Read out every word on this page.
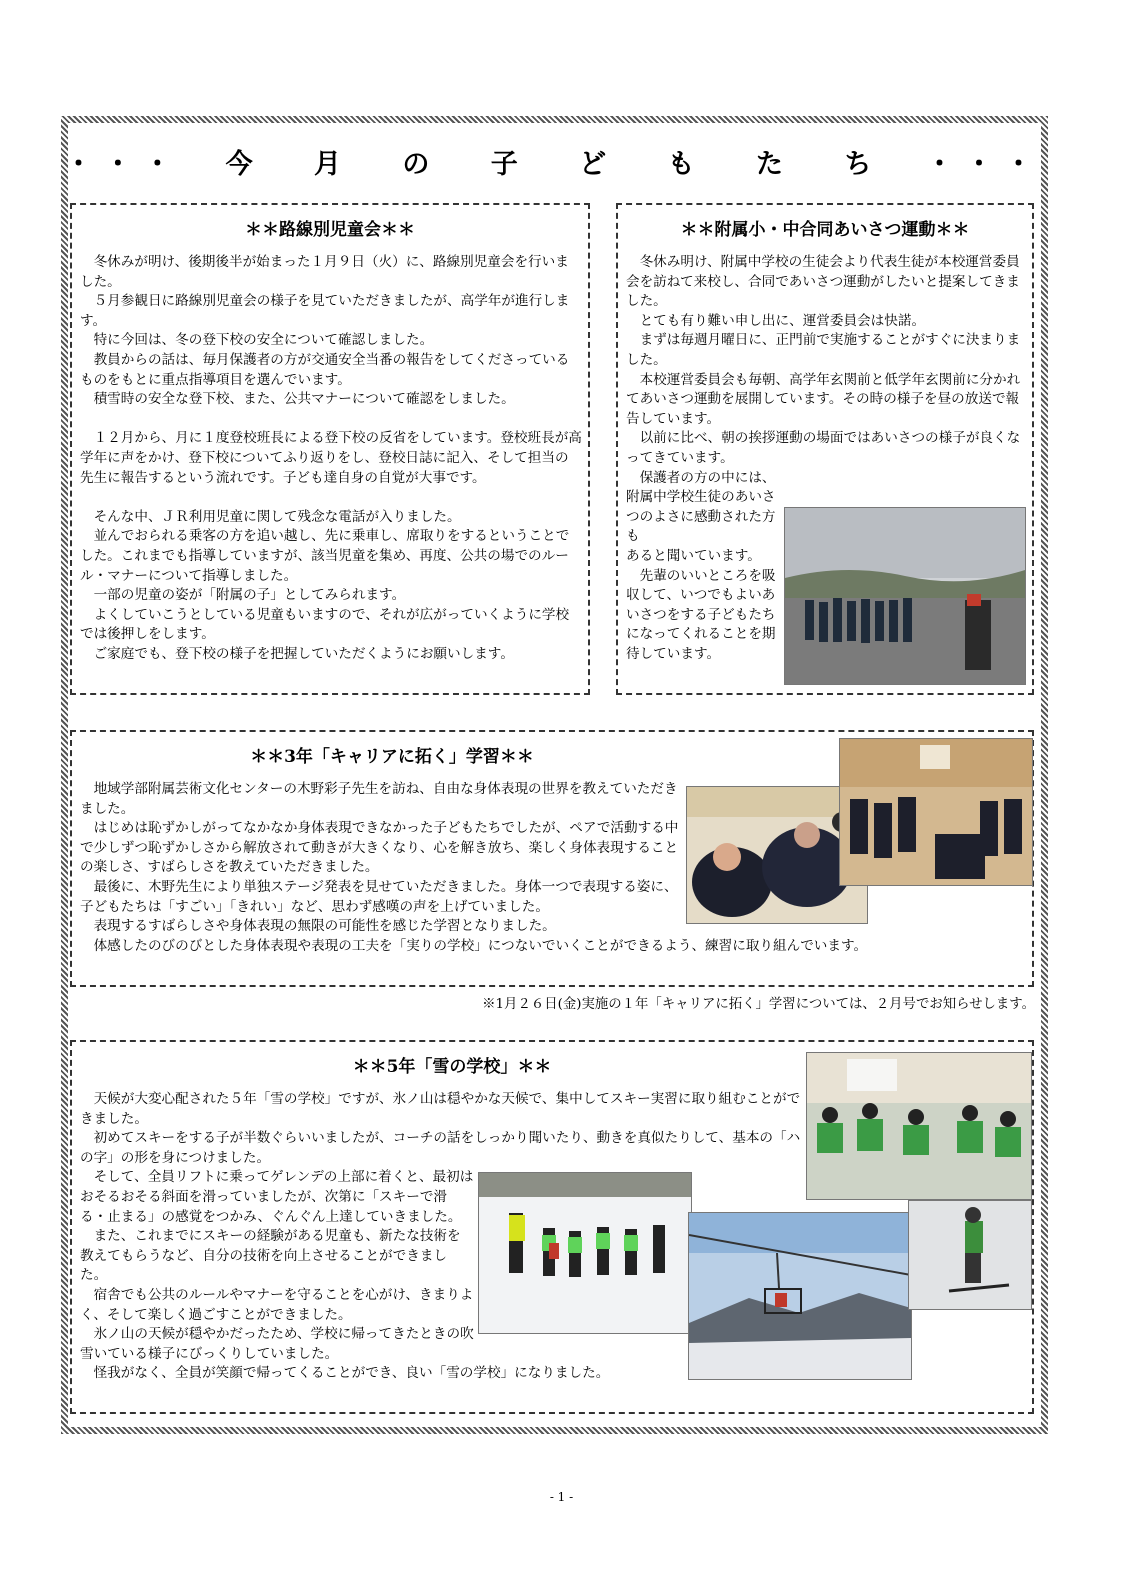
･･･ 今 月 の 子 ど も た ち ･･･
＊＊路線別児童会＊＊

冬休みが明け、後期後半が始まった１月９日（火）に、路線別児童会を行いました。

５月参観日に路線別児童会の様子を見ていただきましたが、高学年が進行します。

特に今回は、冬の登下校の安全について確認しました。

教員からの話は、毎月保護者の方が交通安全当番の報告をしてくださっているものをもとに重点指導項目を選んでいます。

積雪時の安全な登下校、また、公共マナーについて確認をしました。

１２月から、月に１度登校班長による登下校の反省をしています。登校班長が高学年に声をかけ、登下校についてふり返りをし、登校日誌に記入、そして担当の先生に報告するという流れです。子ども達自身の自覚が大事です。

そんな中、ＪＲ利用児童に関して残念な電話が入りました。

並んでおられる乗客の方を追い越し、先に乗車し、席取りをするということでした。これまでも指導していますが、該当児童を集め、再度、公共の場でのルール・マナーについて指導しました。

一部の児童の姿が「附属の子」としてみられます。

よくしていこうとしている児童もいますので、それが広がっていくように学校では後押しをします。

ご家庭でも、登下校の様子を把握していただくようにお願いします。

＊＊附属小・中合同あいさつ運動＊＊

冬休み明け、附属中学校の生徒会より代表生徒が本校運営委員会を訪ねて来校し、合同であいさつ運動がしたいと提案してきました。

とても有り難い申し出に、運営委員会は快諾。

まずは毎週月曜日に、正門前で実施することがすぐに決まりました。

本校運営委員会も毎朝、高学年玄関前と低学年玄関前に分かれてあいさつ運動を展開しています。その時の様子を昼の放送で報告しています。

以前に比べ、朝の挨拶運動の場面ではあいさつの様子が良くなってきています。

保護者の方の中には、附属中学校生徒のあいさつのよさに感動された方も

あると聞いています。

先輩のいいところを吸収して、いつでもよいあいさつをする子どもたちになってくれることを期待しています。

＊＊3年「キャリアに拓く」学習＊＊

地域学部附属芸術文化センターの木野彩子先生を訪ね、自由な身体表現の世界を教えていただきました。

はじめは恥ずかしがってなかなか身体表現できなかった子どもたちでしたが、ペアで活動する中で少しずつ恥ずかしさから解放されて動きが大きくなり、心を解き放ち、楽しく身体表現することの楽しさ、すばらしさを教えていただきました。

最後に、木野先生により単独ステージ発表を見せていただきました。身体一つで表現する姿に、子どもたちは「すごい」「きれい」など、思わず感嘆の声を上げていました。

表現するすばらしさや身体表現の無限の可能性を感じた学習となりました。

体感したのびのびとした身体表現や表現の工夫を「実りの学校」につないでいくことができるよう、練習に取り組んでいます。

※1月２６日(金)実施の１年「キャリアに拓く」学習については、２月号でお知らせします。
＊＊5年「雪の学校」＊＊

天候が大変心配された５年「雪の学校」ですが、氷ノ山は穏やかな天候で、集中してスキー実習に取り組むことができました。

初めてスキーをする子が半数ぐらいいましたが、コーチの話をしっかり聞いたり、動きを真似たりして、基本の「ハの字」の形を身につけました。

そして、全員リフトに乗ってゲレンデの上部に着くと、最初はおそるおそる斜面を滑っていましたが、次第に「スキーで滑る・止まる」の感覚をつかみ、ぐんぐん上達していきました。

また、これまでにスキーの経験がある児童も、新たな技術を教えてもらうなど、自分の技術を向上させることができました。

宿舎でも公共のルールやマナーを守ることを心がけ、きまりよく、そして楽しく過ごすことができました。

氷ノ山の天候が穏やかだったため、学校に帰ってきたときの吹雪いている様子にびっくりしていました。

怪我がなく、全員が笑顔で帰ってくることができ、良い「雪の学校」になりました。

- 1 -
